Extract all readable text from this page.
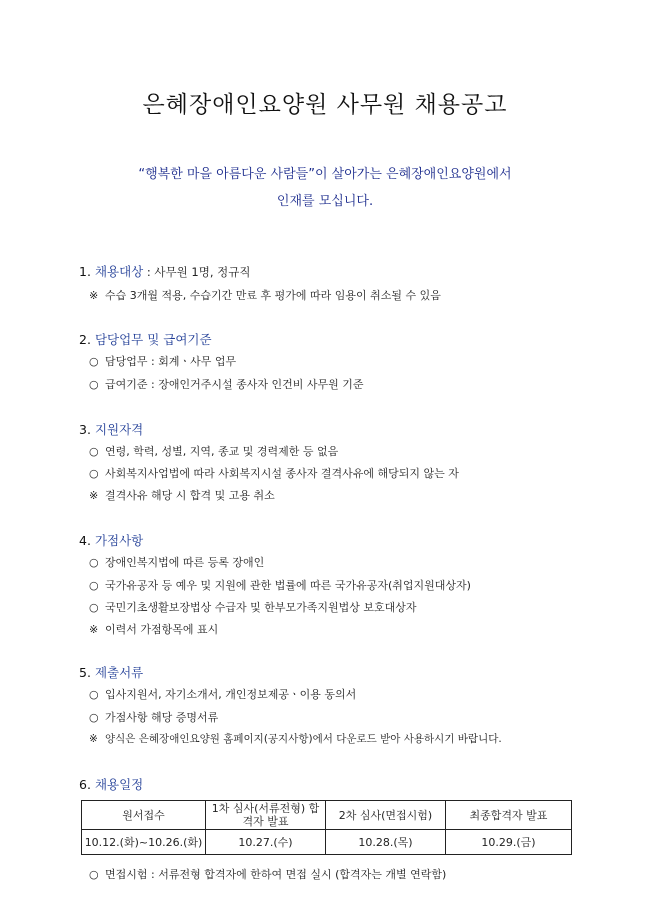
은혜장애인요양원 사무원 채용공고
“행복한 마을 아름다운 사람들”이 살아가는 은혜장애인요양원에서
인재를 모십니다.
1. 채용대상 : 사무원 1명, 정규직
※ 수습 3개월 적용, 수습기간 만료 후 평가에 따라 임용이 취소될 수 있음
2. 담당업무 및 급여기준
○ 담당업무 : 회계ㆍ사무 업무
○ 급여기준 : 장애인거주시설 종사자 인건비 사무원 기준
3. 지원자격
○ 연령, 학력, 성별, 지역, 종교 및 경력제한 등 없음
○ 사회복지사업법에 따라 사회복지시설 종사자 결격사유에 해당되지 않는 자
※ 결격사유 해당 시 합격 및 고용 취소
4. 가점사항
○ 장애인복지법에 따른 등록 장애인
○ 국가유공자 등 예우 및 지원에 관한 법률에 따른 국가유공자(취업지원대상자)
○ 국민기초생활보장법상 수급자 및 한부모가족지원법상 보호대상자
※ 이력서 가점항목에 표시
5. 제출서류
○ 입사지원서, 자기소개서, 개인정보제공ㆍ이용 동의서
○ 가점사항 해당 증명서류
※ 양식은 은혜장애인요양원 홈페이지(공지사항)에서 다운로드 받아 사용하시기 바랍니다.
6. 채용일정
원서접수	1차 심사(서류전형) 합격자 발표	2차 심사(면접시험)	최종합격자 발표
10.12.(화)~10.26.(화)	10.27.(수)	10.28.(목)	10.29.(금)
○ 면접시험 : 서류전형 합격자에 한하여 면접 실시 (합격자는 개별 연락함)
